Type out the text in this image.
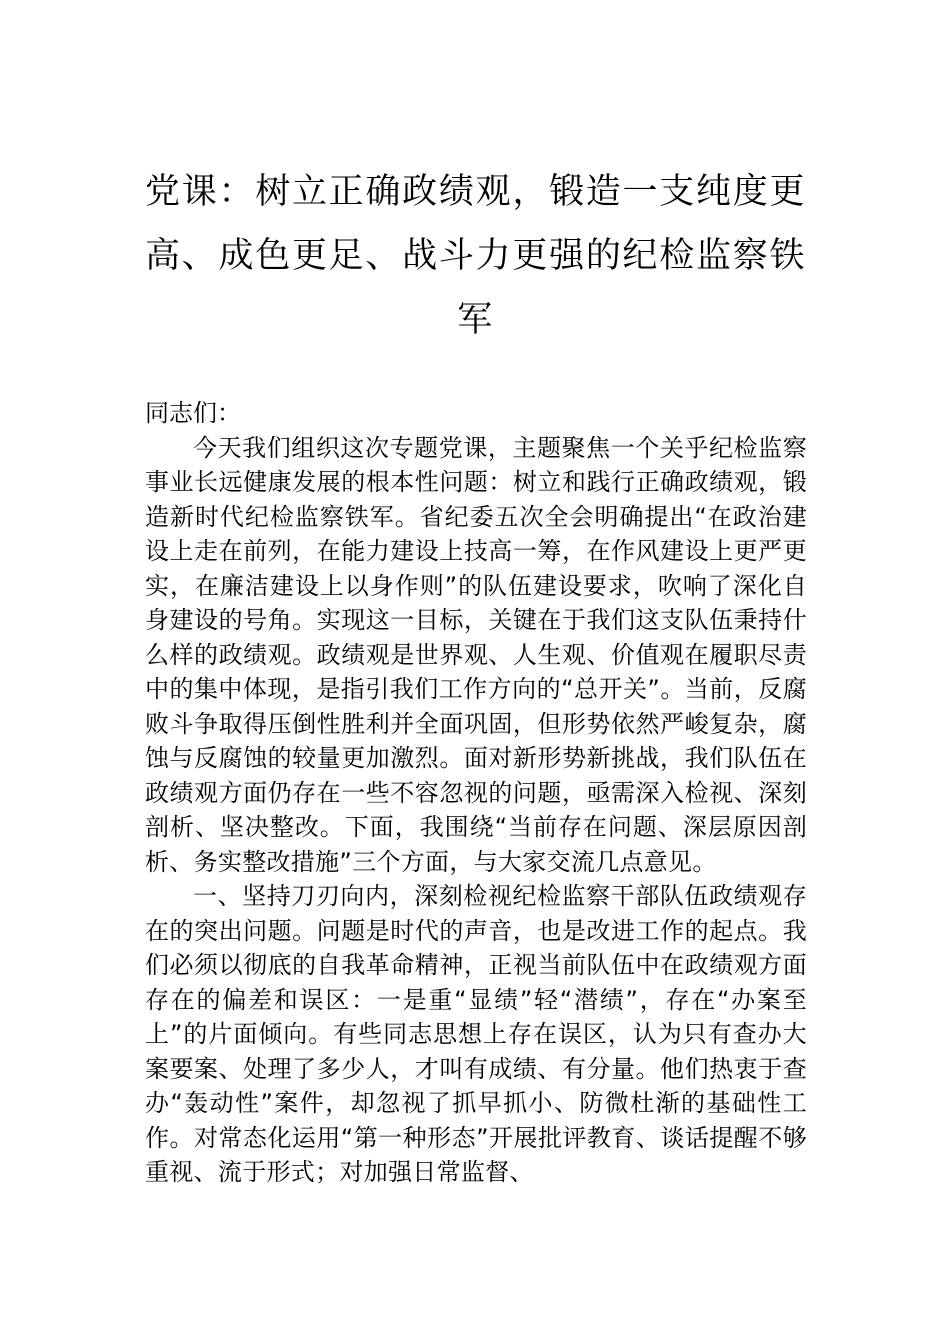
党课：树立正确政绩观，锻造一支纯度更高、成色更足、战斗力更强的纪检监察铁军

同志们：

今天我们组织这次专题党课，主题聚焦一个关乎纪检监察事业长远健康发展的根本性问题：树立和践行正确政绩观，锻造新时代纪检监察铁军。省纪委五次全会明确提出“在政治建设上走在前列，在能力建设上技高一筹，在作风建设上更严更实，在廉洁建设上以身作则”的队伍建设要求，吹响了深化自身建设的号角。实现这一目标，关键在于我们这支队伍秉持什么样的政绩观。政绩观是世界观、人生观、价值观在履职尽责中的集中体现，是指引我们工作方向的“总开关”。当前，反腐败斗争取得压倒性胜利并全面巩固，但形势依然严峻复杂，腐蚀与反腐蚀的较量更加激烈。面对新形势新挑战，我们队伍在政绩观方面仍存在一些不容忽视的问题，亟需深入检视、深刻剖析、坚决整改。下面，我围绕“当前存在问题、深层原因剖析、务实整改措施”三个方面，与大家交流几点意见。

一、坚持刀刃向内，深刻检视纪检监察干部队伍政绩观存在的突出问题。问题是时代的声音，也是改进工作的起点。我们必须以彻底的自我革命精神，正视当前队伍中在政绩观方面存在的偏差和误区：一是重“显绩”轻“潜绩”，存在“办案至上”的片面倾向。有些同志思想上存在误区，认为只有查办大案要案、处理了多少人，才叫有成绩、有分量。他们热衷于查办“轰动性”案件，却忽视了抓早抓小、防微杜渐的基础性工作。对常态化运用“第一种形态”开展批评教育、谈话提醒不够重视、流于形式；对加强日常监督、
